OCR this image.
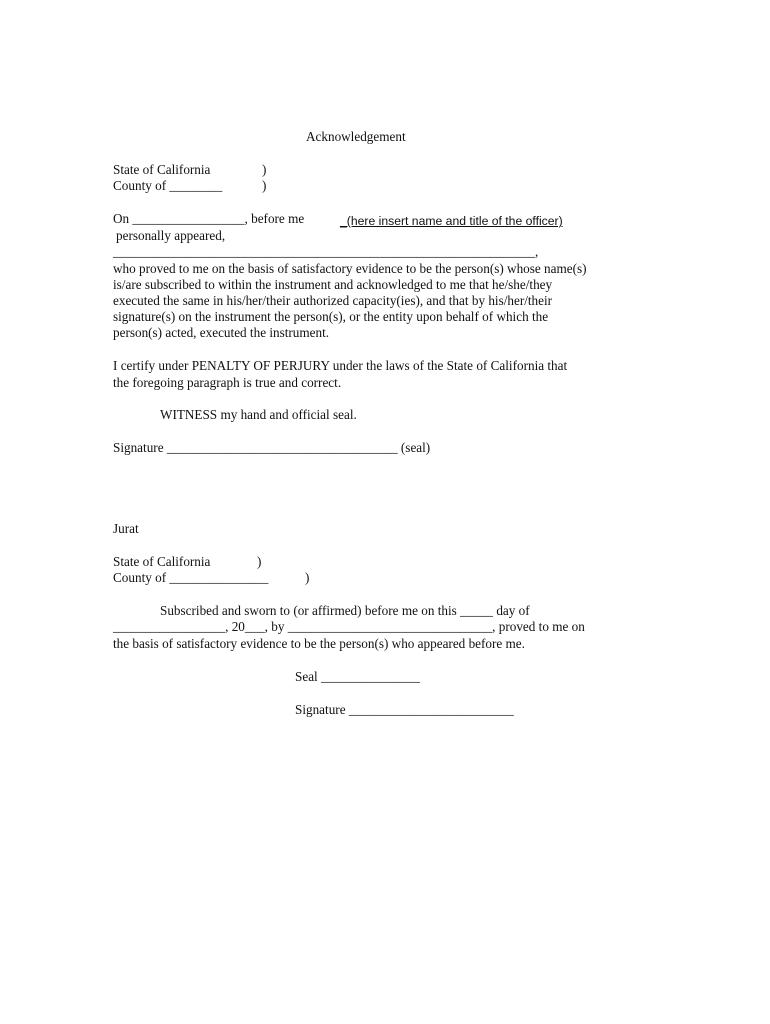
Acknowledgement
State of California	)
County of ________	)
On _________________, before me	_(here insert name and title of the officer)
personally appeared,
________________________________________________________________,
who proved to me on the basis of satisfactory evidence to be the person(s) whose name(s)
is/are subscribed to within the instrument and acknowledged to me that he/she/they
executed the same in his/her/their authorized capacity(ies), and that by his/her/their
signature(s) on the instrument the person(s), or the entity upon behalf of which the
person(s) acted, executed the instrument.
I certify under PENALTY OF PERJURY under the laws of the State of California that
the foregoing paragraph is true and correct.
WITNESS my hand and official seal.
Signature ___________________________________ (seal)
Jurat
State of California	)
County of _______________	)
Subscribed and sworn to (or affirmed) before me on this _____ day of
_________________, 20___, by _______________________________, proved to me on
the basis of satisfactory evidence to be the person(s) who appeared before me.
Seal _______________
Signature _________________________
